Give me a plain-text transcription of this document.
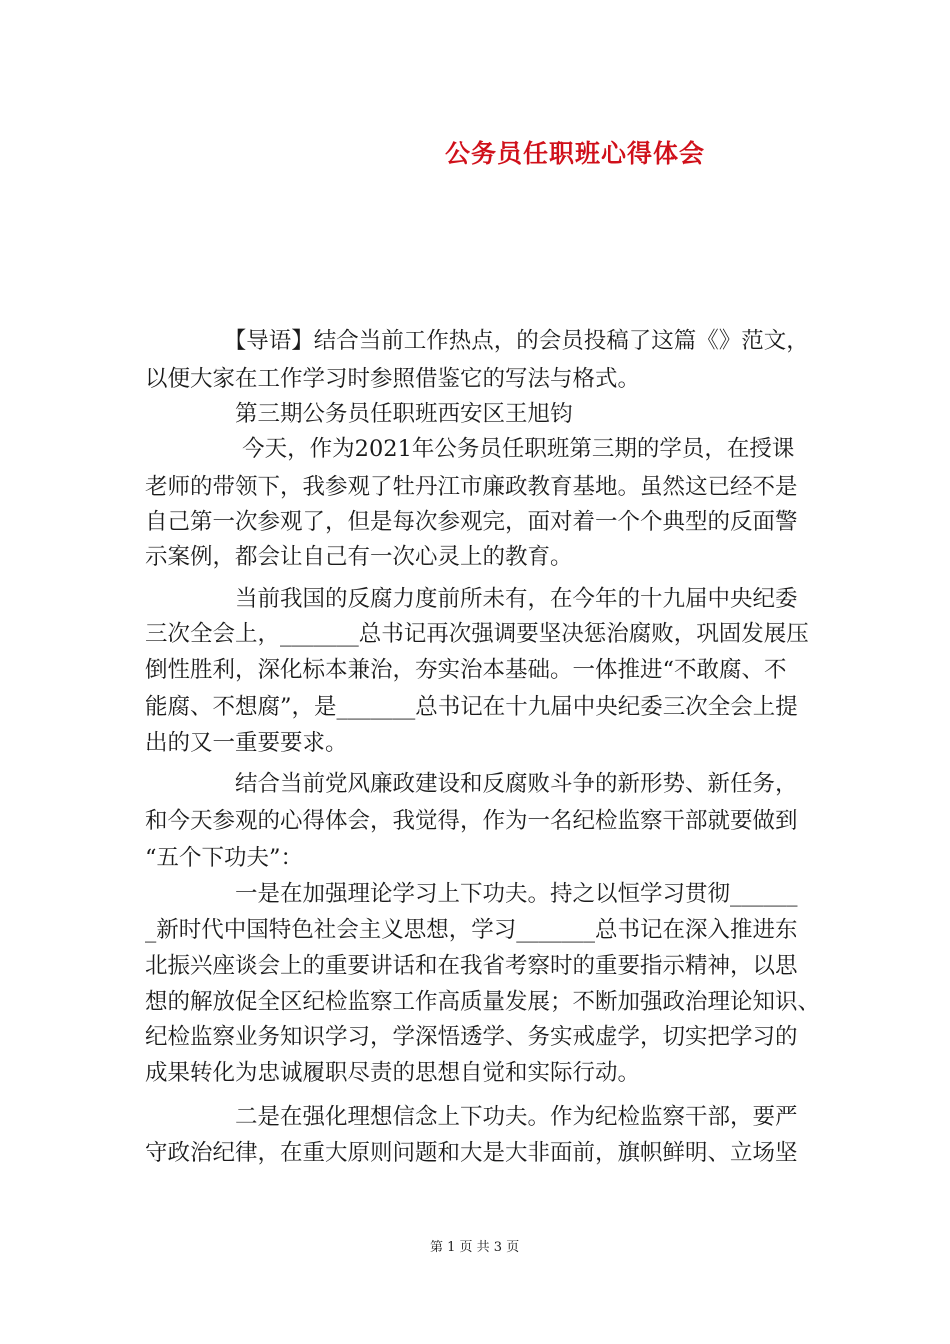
公务员任职班心得体会
　　　　【导语】结合当前工作热点，的会员投稿了这篇《》范文，
以便大家在工作学习时参照借鉴它的写法与格式。
　　　　第三期公务员任职班西安区王旭钧
　　　　 今天，作为2021年公务员任职班第三期的学员，在授课
老师的带领下，我参观了牡丹江市廉政教育基地。虽然这已经不是
自己第一次参观了，但是每次参观完，面对着一个个典型的反面警
示案例，都会让自己有一次心灵上的教育。
　　　　当前我国的反腐力度前所未有，在今年的十九届中央纪委
三次全会上，_______总书记再次强调要坚决惩治腐败，巩固发展压
倒性胜利，深化标本兼治，夯实治本基础。一体推进“不敢腐、不
能腐、不想腐”，是_______总书记在十九届中央纪委三次全会上提
出的又一重要要求。
　　　　结合当前党风廉政建设和反腐败斗争的新形势、新任务，
和今天参观的心得体会，我觉得，作为一名纪检监察干部就要做到
“五个下功夫”：
　　　　一是在加强理论学习上下功夫。持之以恒学习贯彻______
_新时代中国特色社会主义思想，学习_______总书记在深入推进东
北振兴座谈会上的重要讲话和在我省考察时的重要指示精神，以思
想的解放促全区纪检监察工作高质量发展；不断加强政治理论知识、
纪检监察业务知识学习，学深悟透学、务实戒虚学，切实把学习的
成果转化为忠诚履职尽责的思想自觉和实际行动。
　　　　二是在强化理想信念上下功夫。作为纪检监察干部，要严
守政治纪律，在重大原则问题和大是大非面前，旗帜鲜明、立场坚
第 1 页 共 3 页
